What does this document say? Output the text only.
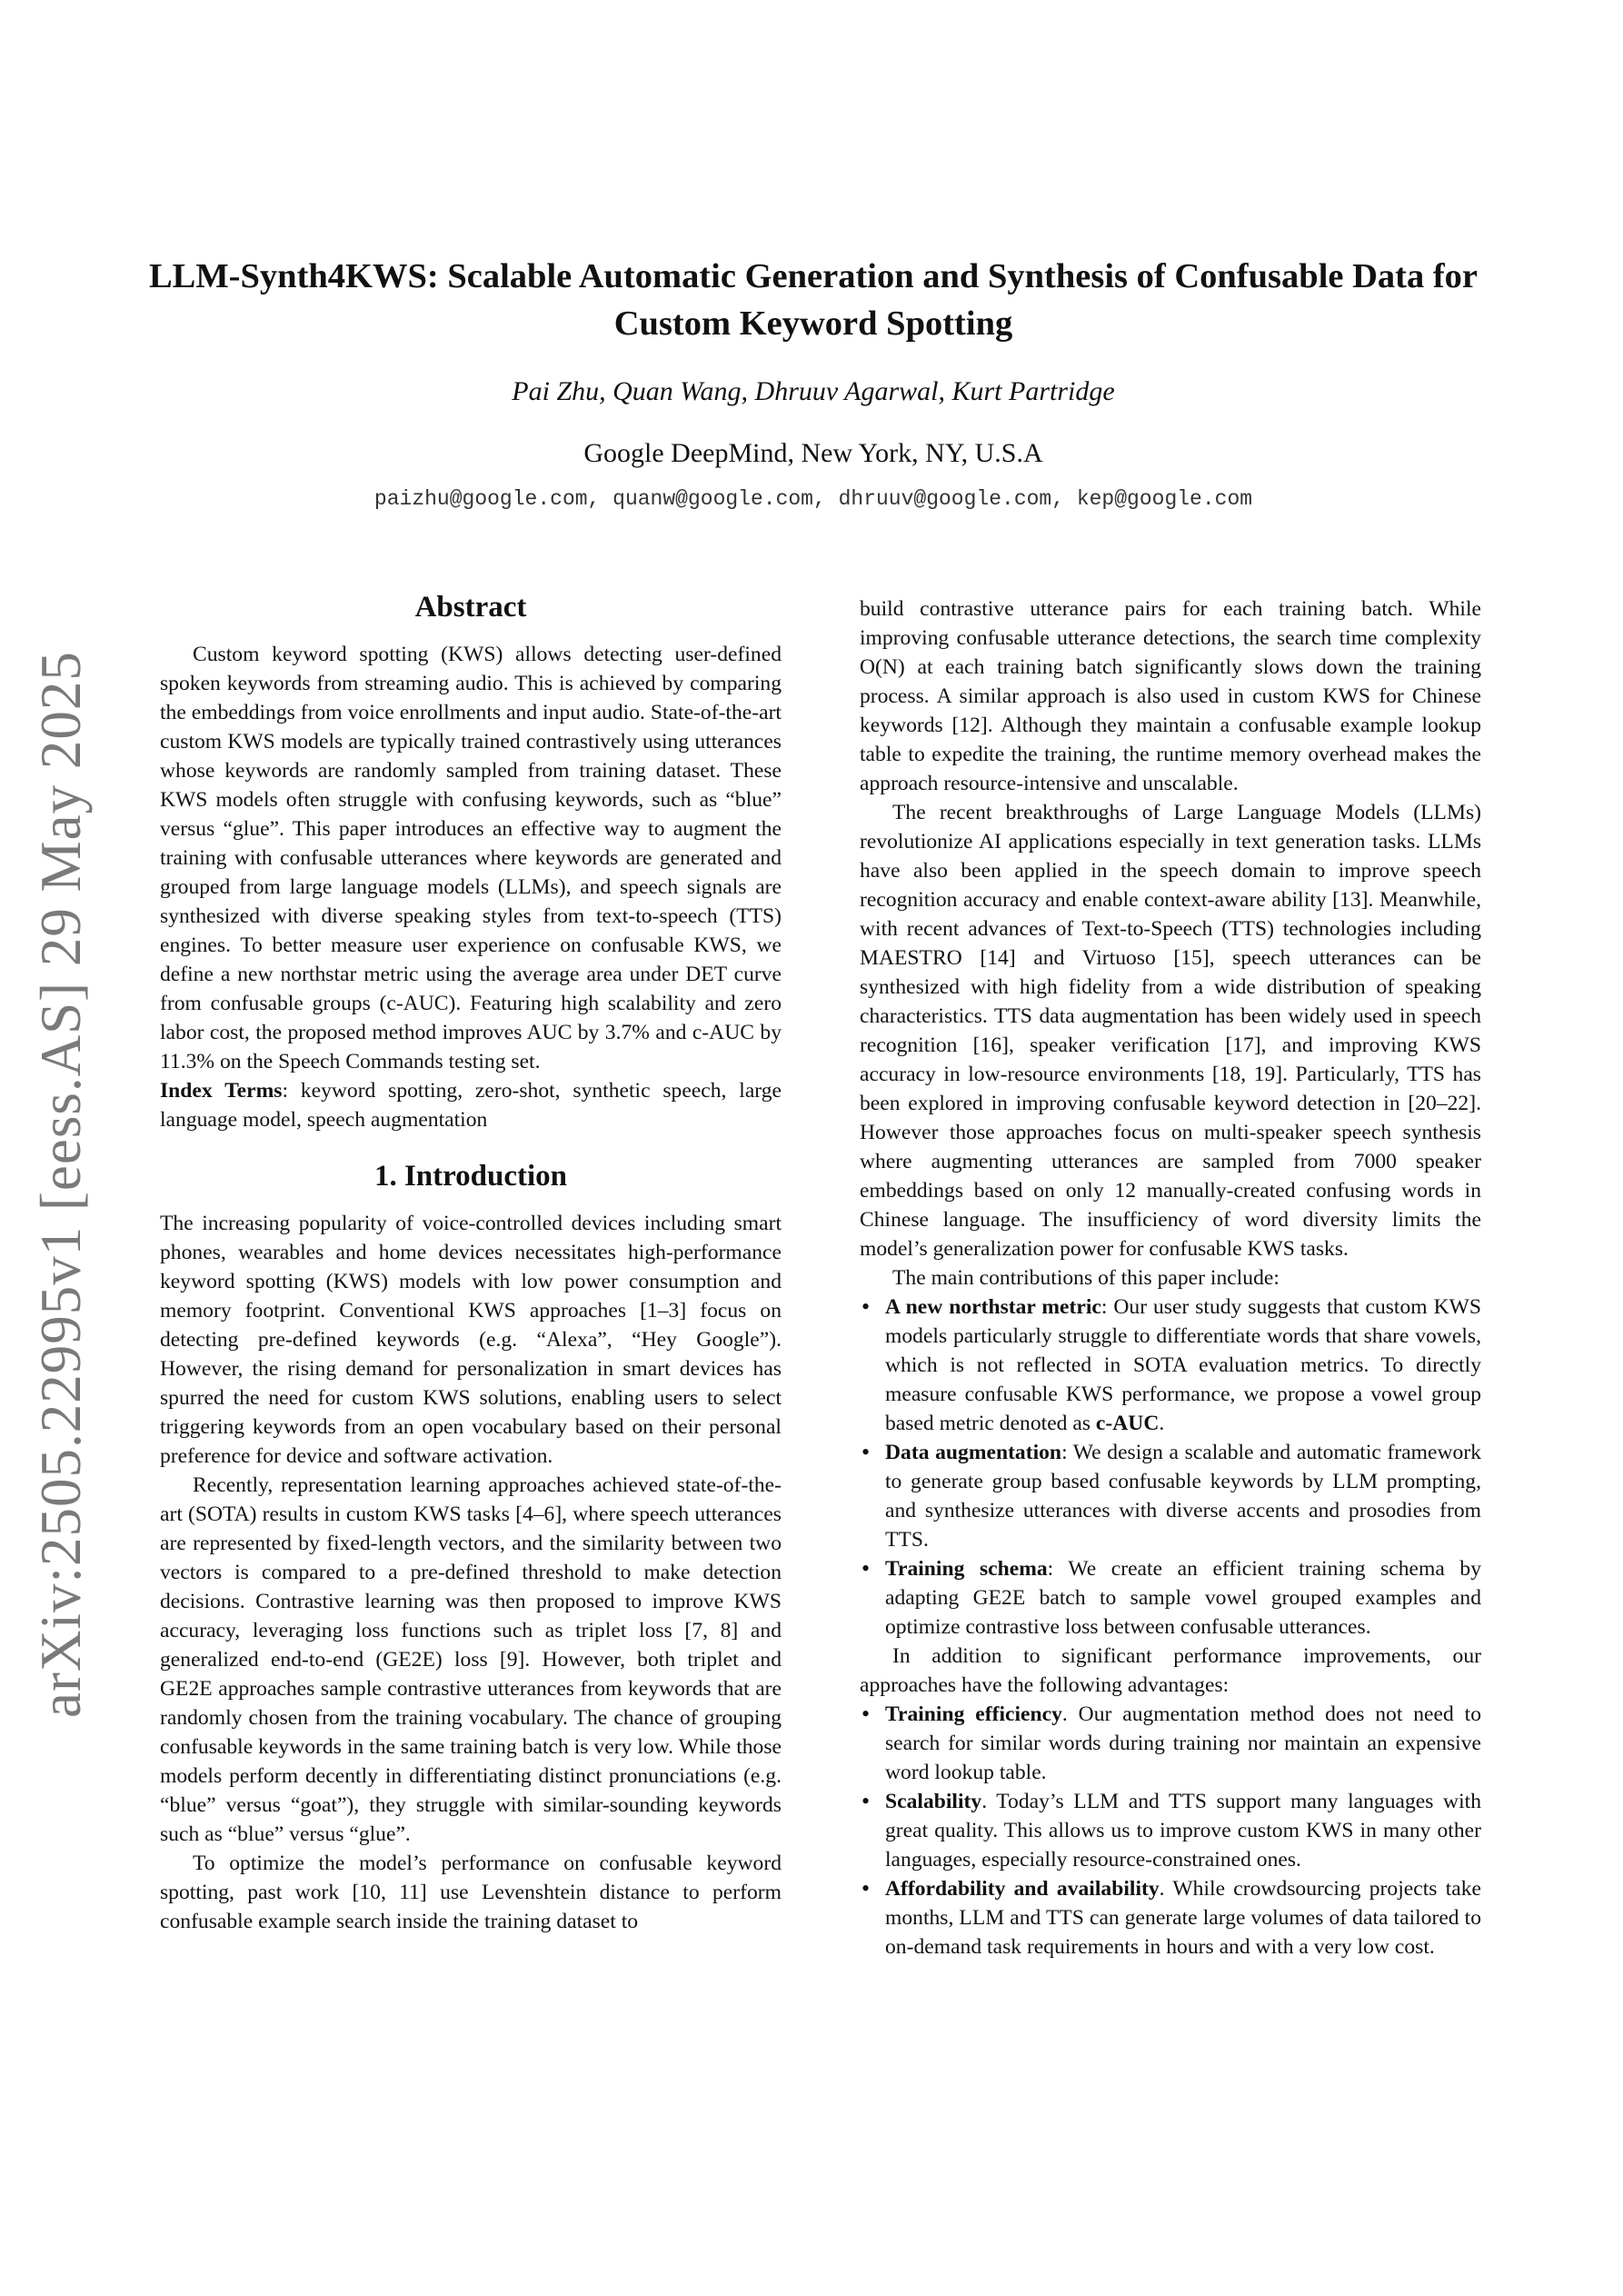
arXiv:2505.22995v1 [eess.AS] 29 May 2025
LLM-Synth4KWS: Scalable Automatic Generation and Synthesis of Confusable Data for Custom Keyword Spotting
Pai Zhu, Quan Wang, Dhruuv Agarwal, Kurt Partridge
Google DeepMind, New York, NY, U.S.A
paizhu@google.com, quanw@google.com, dhruuv@google.com, kep@google.com
Abstract

Custom keyword spotting (KWS) allows detecting user-defined spoken keywords from streaming audio. This is achieved by comparing the embeddings from voice enrollments and input audio. State-of-the-art custom KWS models are typically trained contrastively using utterances whose keywords are randomly sampled from training dataset. These KWS models often struggle with confusing keywords, such as “blue” versus “glue”. This paper introduces an effective way to augment the training with confusable utterances where keywords are generated and grouped from large language models (LLMs), and speech signals are synthesized with diverse speaking styles from text-to-speech (TTS) engines. To better measure user experience on confusable KWS, we define a new northstar metric using the average area under DET curve from confusable groups (c-AUC). Featuring high scalability and zero labor cost, the proposed method improves AUC by 3.7% and c-AUC by 11.3% on the Speech Commands testing set.

Index Terms: keyword spotting, zero-shot, synthetic speech, large language model, speech augmentation

1. Introduction

The increasing popularity of voice-controlled devices including smart phones, wearables and home devices necessitates high-performance keyword spotting (KWS) models with low power consumption and memory footprint. Conventional KWS approaches [1–3] focus on detecting pre-defined keywords (e.g. “Alexa”, “Hey Google”). However, the rising demand for personalization in smart devices has spurred the need for custom KWS solutions, enabling users to select triggering keywords from an open vocabulary based on their personal preference for device and software activation.

Recently, representation learning approaches achieved state-of-the-art (SOTA) results in custom KWS tasks [4–6], where speech utterances are represented by fixed-length vectors, and the similarity between two vectors is compared to a pre-defined threshold to make detection decisions. Contrastive learning was then proposed to improve KWS accuracy, leveraging loss functions such as triplet loss [7, 8] and generalized end-to-end (GE2E) loss [9]. However, both triplet and GE2E approaches sample contrastive utterances from keywords that are randomly chosen from the training vocabulary. The chance of grouping confusable keywords in the same training batch is very low. While those models perform decently in differentiating distinct pronunciations (e.g. “blue” versus “goat”), they struggle with similar-sounding keywords such as “blue” versus “glue”.

To optimize the model’s performance on confusable keyword spotting, past work [10, 11] use Levenshtein distance to perform confusable example search inside the training dataset to

build contrastive utterance pairs for each training batch. While improving confusable utterance detections, the search time complexity O(N) at each training batch significantly slows down the training process. A similar approach is also used in custom KWS for Chinese keywords [12]. Although they maintain a confusable example lookup table to expedite the training, the runtime memory overhead makes the approach resource-intensive and unscalable.

The recent breakthroughs of Large Language Models (LLMs) revolutionize AI applications especially in text generation tasks. LLMs have also been applied in the speech domain to improve speech recognition accuracy and enable context-aware ability [13]. Meanwhile, with recent advances of Text-to-Speech (TTS) technologies including MAESTRO [14] and Virtuoso [15], speech utterances can be synthesized with high fidelity from a wide distribution of speaking characteristics. TTS data augmentation has been widely used in speech recognition [16], speaker verification [17], and improving KWS accuracy in low-resource environments [18, 19]. Particularly, TTS has been explored in improving confusable keyword detection in [20–22]. However those approaches focus on multi-speaker speech synthesis where augmenting utterances are sampled from 7000 speaker embeddings based on only 12 manually-created confusing words in Chinese language. The insufficiency of word diversity limits the model’s generalization power for confusable KWS tasks.

The main contributions of this paper include:

• A new northstar metric: Our user study suggests that custom KWS models particularly struggle to differentiate words that share vowels, which is not reflected in SOTA evaluation metrics. To directly measure confusable KWS performance, we propose a vowel group based metric denoted as c-AUC.
• Data augmentation: We design a scalable and automatic framework to generate group based confusable keywords by LLM prompting, and synthesize utterances with diverse accents and prosodies from TTS.
• Training schema: We create an efficient training schema by adapting GE2E batch to sample vowel grouped examples and optimize contrastive loss between confusable utterances.

In addition to significant performance improvements, our approaches have the following advantages:

• Training efficiency. Our augmentation method does not need to search for similar words during training nor maintain an expensive word lookup table.
• Scalability. Today’s LLM and TTS support many languages with great quality. This allows us to improve custom KWS in many other languages, especially resource-constrained ones.
• Affordability and availability. While crowdsourcing projects take months, LLM and TTS can generate large volumes of data tailored to on-demand task requirements in hours and with a very low cost.
